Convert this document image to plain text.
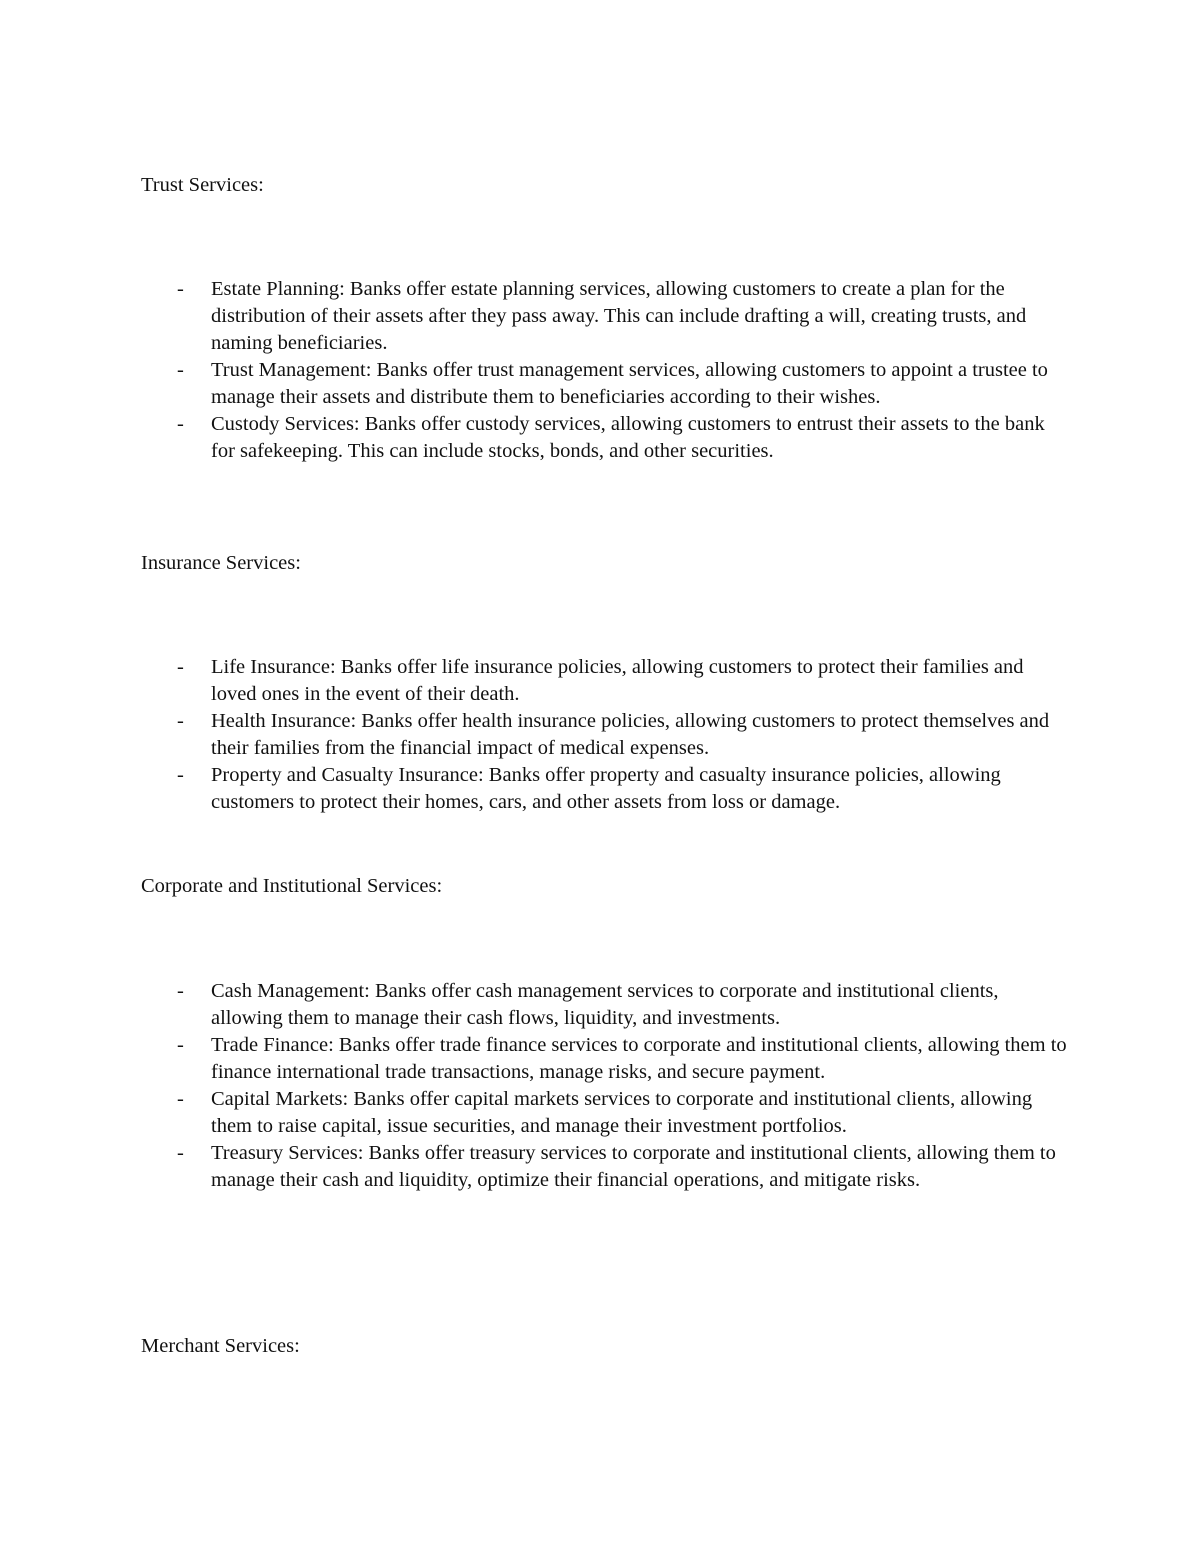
Trust Services:
- Estate Planning: Banks offer estate planning services, allowing customers to create a plan for the distribution of their assets after they pass away. This can include drafting a will, creating trusts, and naming beneficiaries.
- Trust Management: Banks offer trust management services, allowing customers to appoint a trustee to manage their assets and distribute them to beneficiaries according to their wishes.
- Custody Services: Banks offer custody services, allowing customers to entrust their assets to the bank for safekeeping. This can include stocks, bonds, and other securities.
Insurance Services:
- Life Insurance: Banks offer life insurance policies, allowing customers to protect their families and loved ones in the event of their death.
- Health Insurance: Banks offer health insurance policies, allowing customers to protect themselves and their families from the financial impact of medical expenses.
- Property and Casualty Insurance: Banks offer property and casualty insurance policies, allowing customers to protect their homes, cars, and other assets from loss or damage.
Corporate and Institutional Services:
- Cash Management: Banks offer cash management services to corporate and institutional clients, allowing them to manage their cash flows, liquidity, and investments.
- Trade Finance: Banks offer trade finance services to corporate and institutional clients, allowing them to finance international trade transactions, manage risks, and secure payment.
- Capital Markets: Banks offer capital markets services to corporate and institutional clients, allowing them to raise capital, issue securities, and manage their investment portfolios.
- Treasury Services: Banks offer treasury services to corporate and institutional clients, allowing them to manage their cash and liquidity, optimize their financial operations, and mitigate risks.
Merchant Services:
